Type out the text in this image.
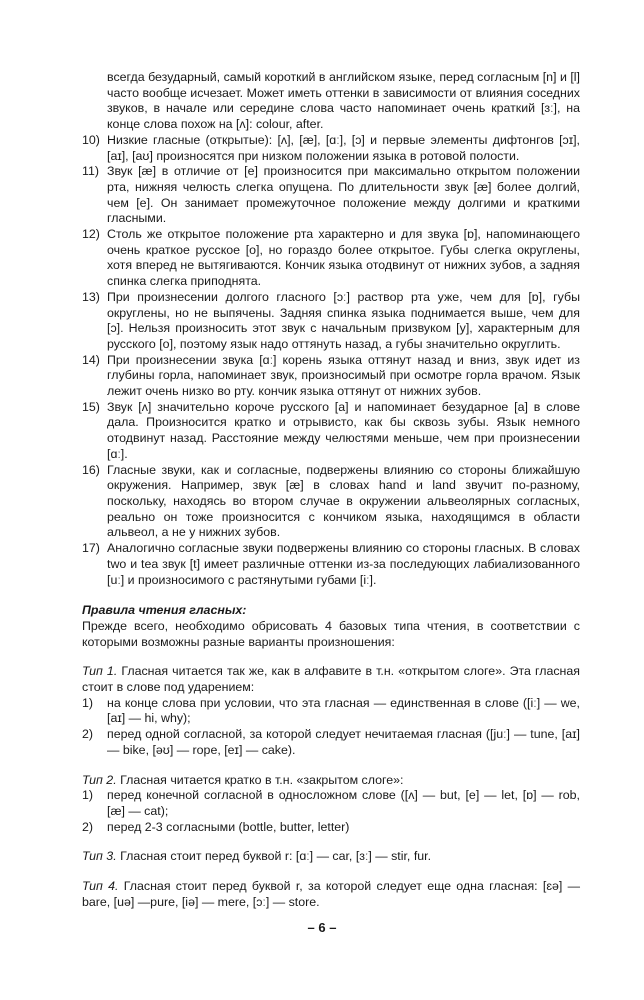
всегда безударный, самый короткий в английском языке, перед согласным [n] и [l] часто вообще исчезает. Может иметь оттенки в зависимости от влияния соседних звуков, в начале или середине слова часто напоминает очень краткий [ɜː], на конце слова похож на [ʌ]: colour, after.
10) Низкие гласные (открытые): [ʌ], [æ], [ɑː], [ɔ] и первые элементы дифтонгов [ɔɪ], [aɪ], [aʊ] произносятся при низком положении языка в ротовой полости.
11) Звук [æ] в отличие от [e] произносится при максимально открытом положении рта, нижняя челюсть слегка опущена. По длительности звук [æ] более долгий, чем [e]. Он занимает промежуточное положение между долгими и краткими гласными.
12) Столь же открытое положение рта характерно и для звука [ɒ], напоминающего очень краткое русское [о], но гораздо более открытое. Губы слегка округлены, хотя вперед не вытягиваются. Кончик языка отодвинут от нижних зубов, а задняя спинка слегка приподнята.
13) При произнесении долгого гласного [ɔː] раствор рта уже, чем для [ɒ], губы округлены, но не выпячены. Задняя спинка языка поднимается выше, чем для [ɔ]. Нельзя произносить этот звук с начальным призвуком [у], характерным для русского [о], поэтому язык надо оттянуть назад, а губы значительно округлить.
14) При произнесении звука [ɑː] корень языка оттянут назад и вниз, звук идет из глубины горла, напоминает звук, произносимый при осмотре горла врачом. Язык лежит очень низко во рту. кончик языка оттянут от нижних зубов.
15) Звук [ʌ] значительно короче русского [а] и напоминает безударное [а] в слове дала. Произносится кратко и отрывисто, как бы сквозь зубы. Язык немного отодвинут назад. Расстояние между челюстями меньше, чем при произнесении [ɑː].
16) Гласные звуки, как и согласные, подвержены влиянию со стороны ближайшую окружения. Например, звук [æ] в словах hand и land звучит по-разному, поскольку, находясь во втором случае в окружении альвеолярных согласных, реально он тоже произносится с кончиком языка, находящимся в области альвеол, а не у нижних зубов.
17) Аналогично согласные звуки подвержены влиянию со стороны гласных. В словах two и tea звук [t] имеет различные оттенки из-за последующих лабиализованного [uː] и произносимого с растянутыми губами [iː].
Правила чтения гласных:
Прежде всего, необходимо обрисовать 4 базовых типа чтения, в соответствии с которыми возможны разные варианты произношения:
Тип 1. Гласная читается так же, как в алфавите в т.н. «открытом слоге». Эта гласная стоит в слове под ударением:
1)	на конце слова при условии, что эта гласная — единственная в слове ([iː] — we, [aɪ] — hi, why);
2)	перед одной согласной, за которой следует нечитаемая гласная ([juː] — tune, [aɪ] — bike, [əʊ] — rope, [eɪ] — cake).
Тип 2. Гласная читается кратко в т.н. «закрытом слоге»:
1)	перед конечной согласной в односложном слове ([ʌ] — but, [e] — let, [ɒ] — rob, [æ] — cat);
2)	перед 2-3 согласными (bottle, butter, letter)
Тип 3. Гласная стоит перед буквой r: [ɑː] — car, [ɜː] — stir, fur.
Тип 4. Гласная стоит перед буквой r, за которой следует еще одна гласная: [ɛə] — bare, [uə] —pure, [iə] — mere, [ɔː] — store.
– 6 –
